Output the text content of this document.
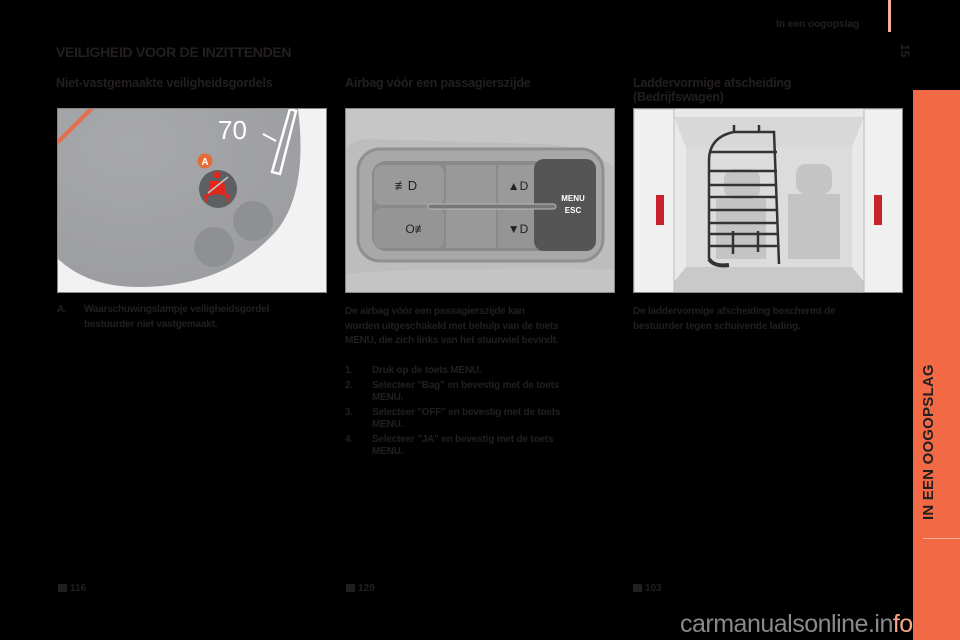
In een oogopslag
15
IN EEN OOGOPSLAG
VEILIGHEID VOOR DE INZITTENDEN
Niet-vastgemaakte veiligheidsgordels	Airbag vóór een passagierszijde	Laddervormige afscheiding
(Bedrijfswagen)
70
A
≢D
O≢
▲D
▼D
MENU
ESC
A.	Waarschuwingslampje veiligheidsgordel
bestuurder niet vastgemaakt.
De airbag vóór een passagierszijde kan
worden uitgeschakeld met behulp van de toets
MENU, die zich links van het stuurwiel bevindt.
1.	Druk op de toets MENU.
2.	Selecteer "Bag" en bevestig met de toets
MENU.
3.	Selecteer "OFF" en bevestig met de toets
MENU.
4.	Selecteer "JA" en bevestig met de toets
MENU.
De laddervormige afscheiding beschermt de
bestuurder tegen schuivende lading.
116	129	103
carmanualsonline.info
